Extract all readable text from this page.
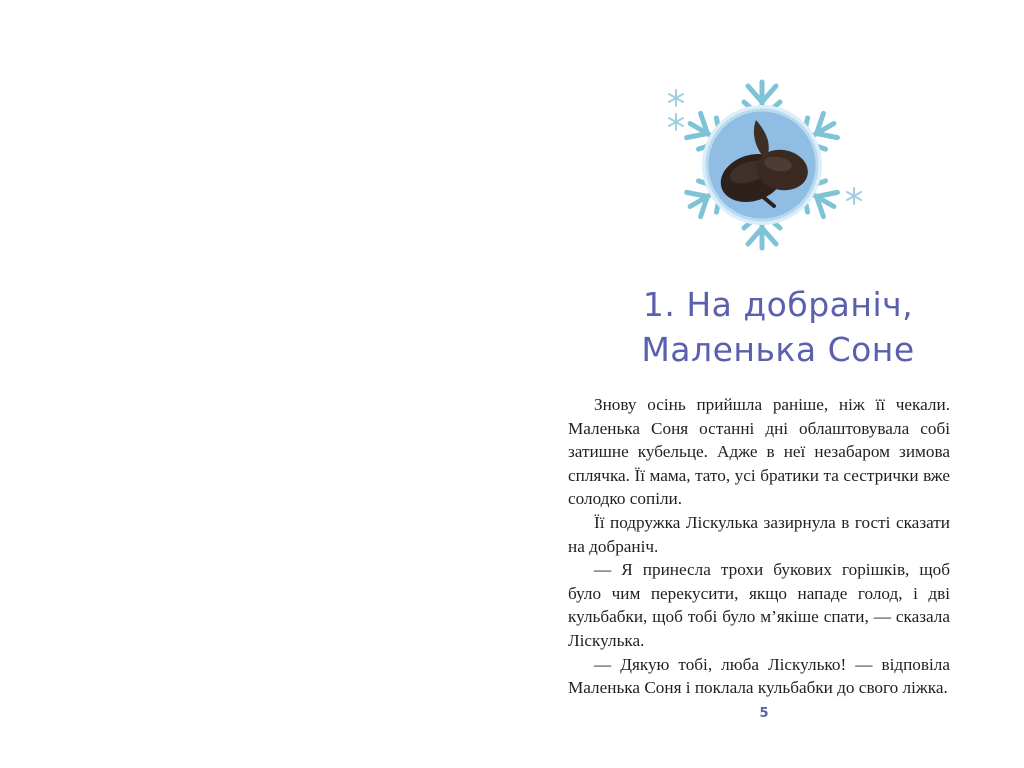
1. На добраніч,
Маленька Соне

Знову осінь прийшла раніше, ніж її чекали. Маленька Соня останні дні облаштовувала собі затишне кубельце. Адже в неї незабаром зимова сплячка. Її мама, тато, усі братики та сестрички вже солодко сопіли.

Її подружка Ліскулька зазирнула в гості сказати на добраніч.

— Я принесла трохи букових горішків, щоб було чим перекусити, якщо нападе голод, і дві кульбабки, щоб тобі було м’якіше спати, — сказала Ліскулька.

— Дякую тобі, люба Ліскулько! — відповіла Маленька Соня і поклала кульбабки до свого ліжка.

5
